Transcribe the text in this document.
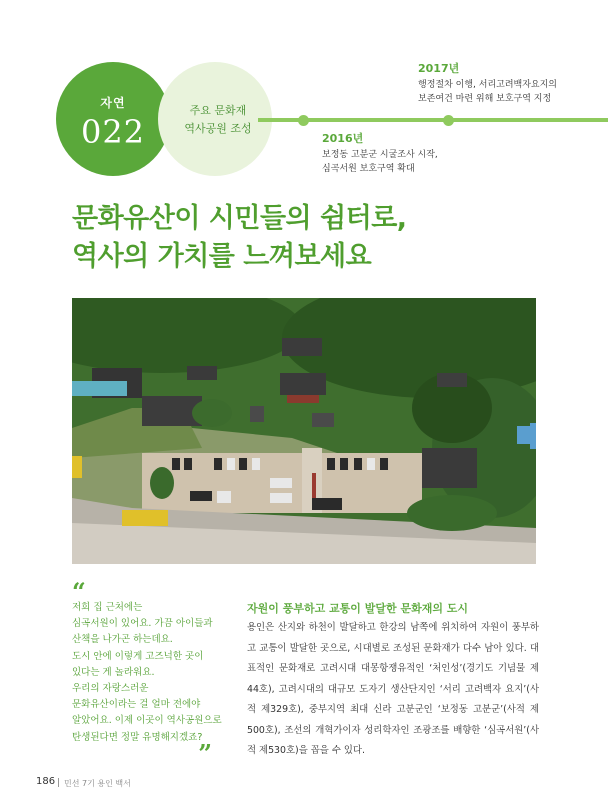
자연
022
주요 문화재
역사공원 조성
2017년
행정절차 이행, 서리고려백자요지의
보존여건 마련 위해 보호구역 지정
2016년
보정동 고분군 시굴조사 시작,
심곡서원 보호구역 확대
문화유산이 시민들의 쉼터로,
역사의 가치를 느껴보세요
“
저희 집 근처에는
심곡서원이 있어요. 가끔 아이들과
산책을 나가곤 하는데요.
도시 안에 이렇게 고즈넉한 곳이
있다는 게 놀라워요.
우리의 자랑스러운
문화유산이라는 걸 얼마 전에야
알았어요. 이제 이곳이 역사공원으로
탄생된다면 정말 유명해지겠죠?
”
자원이 풍부하고 교통이 발달한 문화재의 도시
용인은 산지와 하천이 발달하고 한강의 남쪽에 위치하여 자원이 풍부하고 교통이 발달한 곳으로, 시대별로 조성된 문화재가 다수 남아 있다. 대표적인 문화재로 고려시대 대몽항쟁유적인 ‘처인성’(경기도 기념물 제44호), 고려시대의 대규모 도자기 생산단지인 ‘서리 고려백자 요지’(사적 제329호), 중부지역 최대 신라 고분군인 ‘보정동 고분군’(사적 제500호), 조선의 개혁가이자 성리학자인 조광조를 배향한 ‘심곡서원’(사적 제530호)을 꼽을 수 있다.
186 민선 7기 용인 백서
